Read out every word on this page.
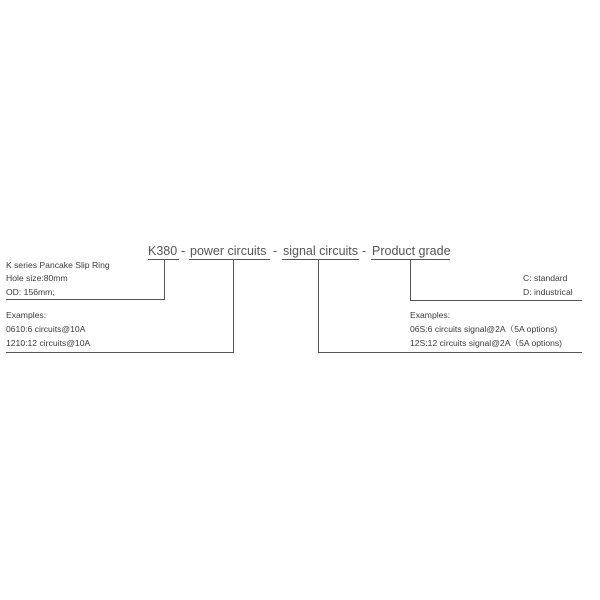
K380 - power circuits - signal circuits - Product grade
K series Pancake Slip Ring
Hole size:80mm
OD: 156mm;
Examples:
0610:6 circuits@10A
1210:12 circuits@10A
C: standard
D: industrical
Examples:
06S:6 circuits signal@2A（5A options)
12S:12 circuits signal@2A（5A options)
